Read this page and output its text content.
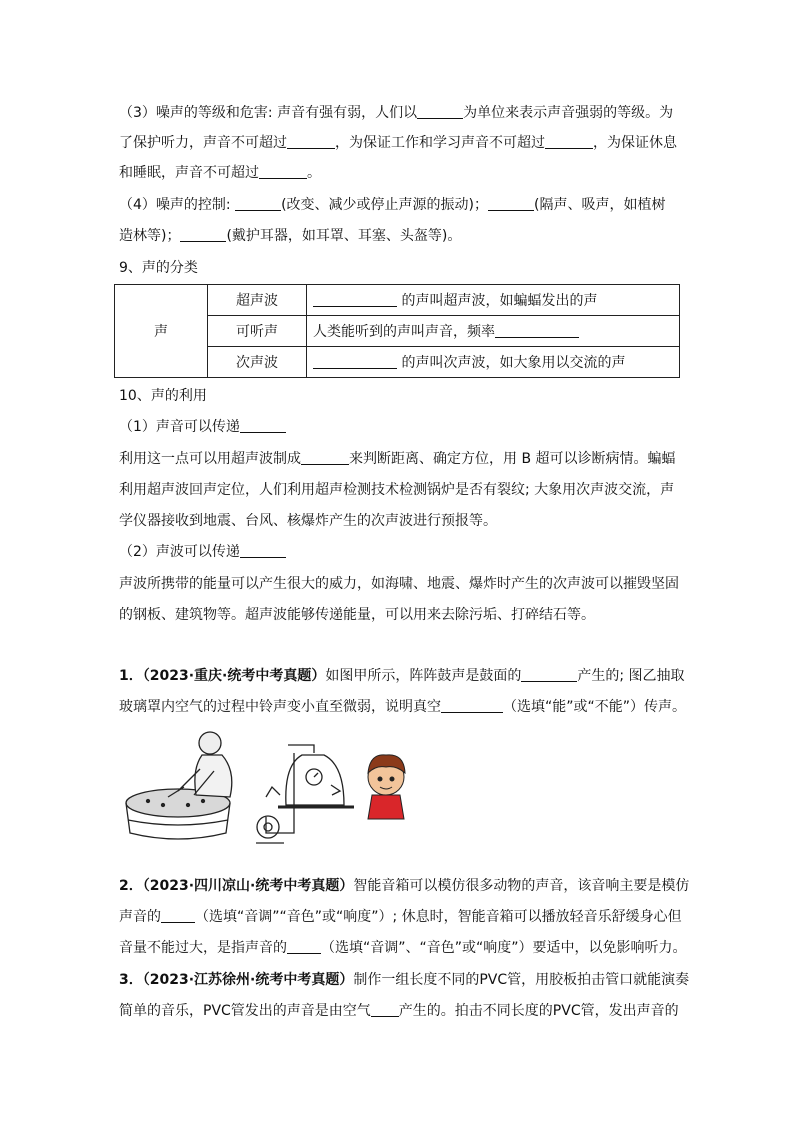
（3）噪声的等级和危害: 声音有强有弱，人们以	为单位来表示声音强弱的等级。为
了保护听力，声音不可超过	，为保证工作和学习声音不可超过	，为保证休息
和睡眠，声音不可超过	。
（4）噪声的控制:	(改变、减少或停止声源的振动)；	(隔声、吸声，如植树
造林等)；	(戴护耳器，如耳罩、耳塞、头盔等)。
9、声的分类
声	超声波	的声叫超声波，如蝙蝠发出的声
	可听声	人类能听到的声叫声音，频率
	次声波	的声叫次声波，如大象用以交流的声
10、声的利用
（1）声音可以传递
利用这一点可以用超声波制成	来判断距离、确定方位，用 B 超可以诊断病情。蝙蝠
利用超声波回声定位，人们利用超声检测技术检测锅炉是否有裂纹; 大象用次声波交流，声
学仪器接收到地震、台风、核爆炸产生的次声波进行预报等。
（2）声波可以传递
声波所携带的能量可以产生很大的威力，如海啸、地震、爆炸时产生的次声波可以摧毁坚固
的钢板、建筑物等。超声波能够传递能量，可以用来去除污垢、打碎结石等。
1．（2023·重庆·统考中考真题）如图甲所示，阵阵鼓声是鼓面的	产生的; 图乙抽取
玻璃罩内空气的过程中铃声变小直至微弱，说明真空	（选填“能”或“不能”）传声。
2．（2023·四川凉山·统考中考真题）智能音箱可以模仿很多动物的声音，该音响主要是模仿
声音的 （选填“音调”“音色”或“响度”）; 休息时，智能音箱可以播放轻音乐舒缓身心但
音量不能过大，是指声音的 （选填“音调”、“音色”或“响度”）要适中，以免影响听力。
3．（2023·江苏徐州·统考中考真题）制作一组长度不同的PVC管，用胶板拍击管口就能演奏
简单的音乐，PVC管发出的声音是由空气 产生的。拍击不同长度的PVC管，发出声音的
